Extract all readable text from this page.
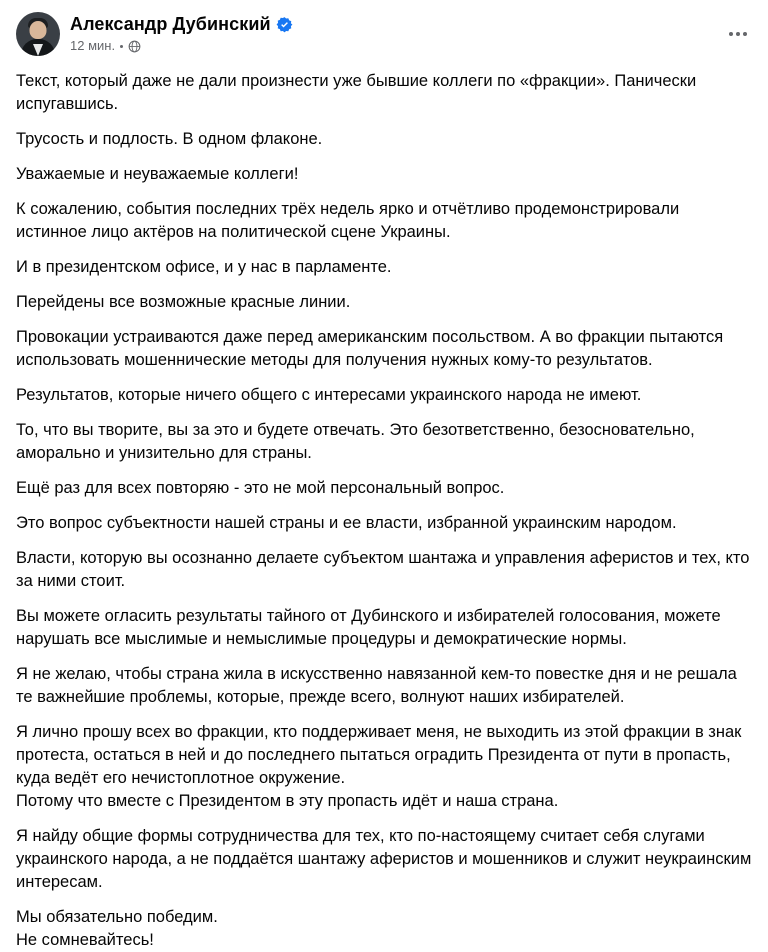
Александр Дубинский
12 мин.
Текст, который даже не дали произнести уже бывшие коллеги по «фракции». Панически испугавшись.
Трусость и подлость. В одном флаконе.
Уважаемые и неуважаемые коллеги!
К сожалению, события последних трёх недель ярко и отчётливо продемонстрировали истинное лицо актёров на политической сцене Украины.
И в президентском офисе, и у нас в парламенте.
Перейдены все возможные красные линии.
Провокации устраиваются даже перед американским посольством. А во фракции пытаются использовать мошеннические методы для получения нужных кому-то результатов.
Результатов, которые ничего общего с интересами украинского народа не имеют.
То, что вы творите, вы за это и будете отвечать. Это безответственно, безосновательно, аморально и унизительно для страны.
Ещё раз для всех повторяю - это не мой персональный вопрос.
Это вопрос субъектности нашей страны и ее власти, избранной украинским народом.
Власти, которую вы осознанно делаете субъектом шантажа и управления аферистов и тех, кто за ними стоит.
Вы можете огласить результаты тайного от Дубинского и избирателей голосования, можете нарушать все мыслимые и немыслимые процедуры и демократические нормы.
Я не желаю, чтобы страна жила в искусственно навязанной кем-то повестке дня и не решала те важнейшие проблемы, которые, прежде всего, волнуют наших избирателей.
Я лично прошу всех во фракции, кто поддерживает меня, не выходить из этой фракции в знак протеста, остаться в ней и до последнего пытаться оградить Президента от пути в пропасть, куда ведёт его нечистоплотное окружение.
Потому что вместе с Президентом в эту пропасть идёт и наша страна.
Я найду общие формы сотрудничества для тех, кто по-настоящему считает себя слугами украинского народа, а не поддаётся шантажу аферистов и мошенников и служит неукраинским интересам.
Мы обязательно победим.
Не сомневайтесь!
